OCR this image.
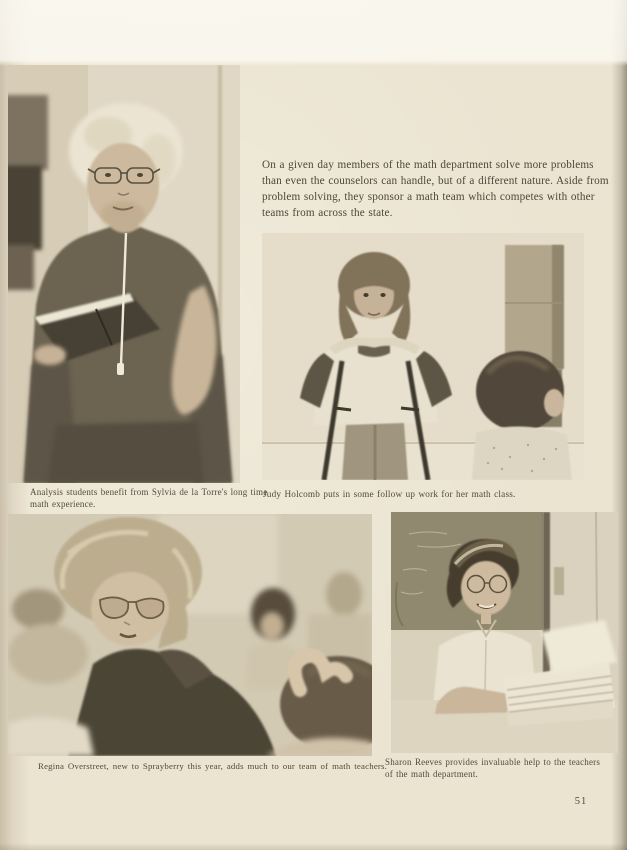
On a given day members of the math department solve more problems than even the counselors can handle, but of a different nature. Aside from problem solving, they sponsor a math team which competes with other teams from across the state.

Analysis students benefit from Sylvia de la Torre's long time math experience.
Judy Holcomb puts in some follow up work for her math class.
Regina Overstreet, new to Sprayberry this year, adds much to our team of math teachers.
Sharon Reeves provides invaluable help to the teachers of the math department.
51
